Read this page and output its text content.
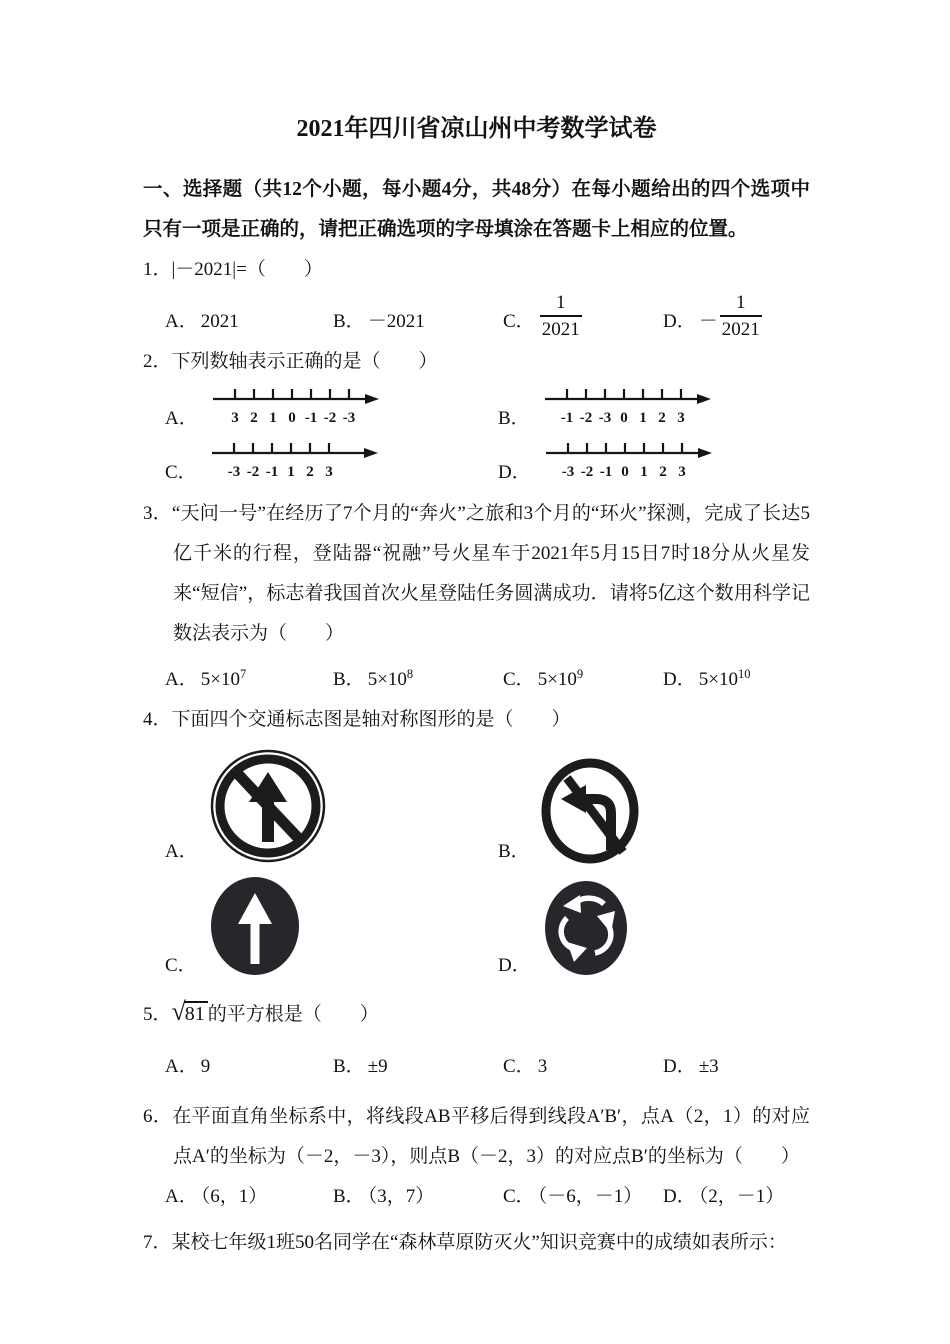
2021年四川省凉山州中考数学试卷

一、选择题（共12个小题，每小题4分，共48分）在每小题给出的四个选项中只有一项是正确的，请把正确选项的字母填涂在答题卡上相应的位置。

1．|－2021|=（　　）

A． 2021	B． －2021	C． $\frac{1}{2021}$	D． － $\frac{1}{2021}$

2．下列数轴表示正确的是（　　）

A． 3 2 1 0 -1 -2 -3	B． -1 -2 -3 0 1 2 3
C． -3 -2 -1 1 2 3	D． -3 -2 -1 0 1 2 3

3．“天问一号”在经历了7个月的“奔火”之旅和3个月的“环火”探测，完成了长达5亿千米的行程，登陆器“祝融”号火星车于2021年5月15日7时18分从火星发来“短信”，标志着我国首次火星登陆任务圆满成功．请将5亿这个数用科学记数法表示为（　　）

A． $5\times 10^7$	B． $5\times 10^8$	C． $5\times 10^9$	D． $5\times 10^{10}$

4．下面四个交通标志图是轴对称图形的是（　　）

A．	B．
C．	D．

5．√81 的平方根是（　　）

A． 9	B． ±9	C． 3	D． ±3

6．在平面直角坐标系中，将线段AB平移后得到线段A′B′，点A（2，1）的对应点A′的坐标为（－2，－3），则点B（－2，3）的对应点B′的坐标为（　　）

A． （6，1）	B． （3，7）	C． （－6，－1）	D． （2，－1）

7．某校七年级1班50名同学在“森林草原防灭火”知识竞赛中的成绩如表所示：
